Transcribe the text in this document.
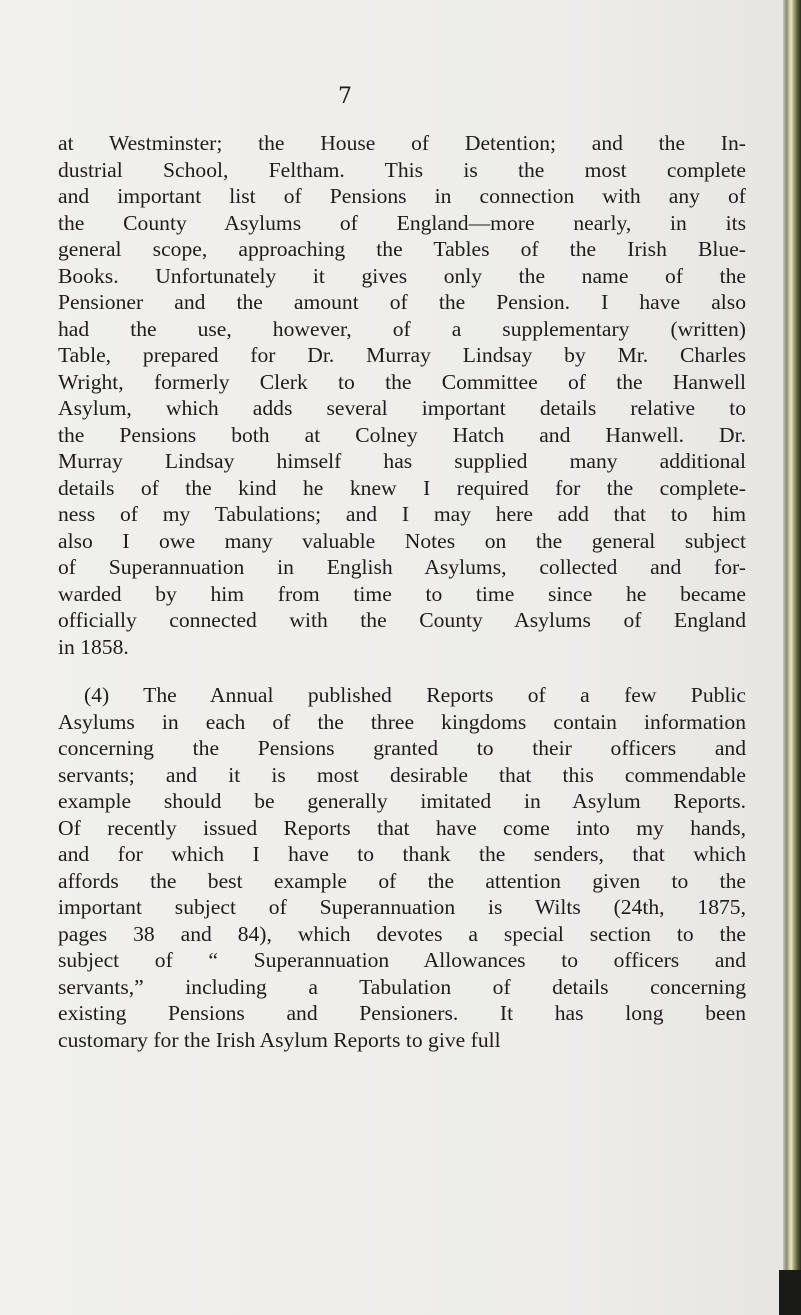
7
at Westminster; the House of Detention; and the In-
dustrial School, Feltham. This is the most complete
and important list of Pensions in connection with any of
the County Asylums of England—more nearly, in its
general scope, approaching the Tables of the Irish Blue-
Books. Unfortunately it gives only the name of the
Pensioner and the amount of the Pension. I have also
had the use, however, of a supplementary (written)
Table, prepared for Dr. Murray Lindsay by Mr. Charles
Wright, formerly Clerk to the Committee of the Hanwell
Asylum, which adds several important details relative to
the Pensions both at Colney Hatch and Hanwell. Dr.
Murray Lindsay himself has supplied many additional
details of the kind he knew I required for the complete-
ness of my Tabulations; and I may here add that to him
also I owe many valuable Notes on the general subject
of Superannuation in English Asylums, collected and for-
warded by him from time to time since he became
officially connected with the County Asylums of England
in 1858.
(4) The Annual published Reports of a few Public
Asylums in each of the three kingdoms contain information
concerning the Pensions granted to their officers and
servants; and it is most desirable that this commendable
example should be generally imitated in Asylum Reports.
Of recently issued Reports that have come into my hands,
and for which I have to thank the senders, that which
affords the best example of the attention given to the
important subject of Superannuation is Wilts (24th, 1875,
pages 38 and 84), which devotes a special section to the
subject of “ Superannuation Allowances to officers and
servants,” including a Tabulation of details concerning
existing Pensions and Pensioners. It has long been
customary for the Irish Asylum Reports to give full
